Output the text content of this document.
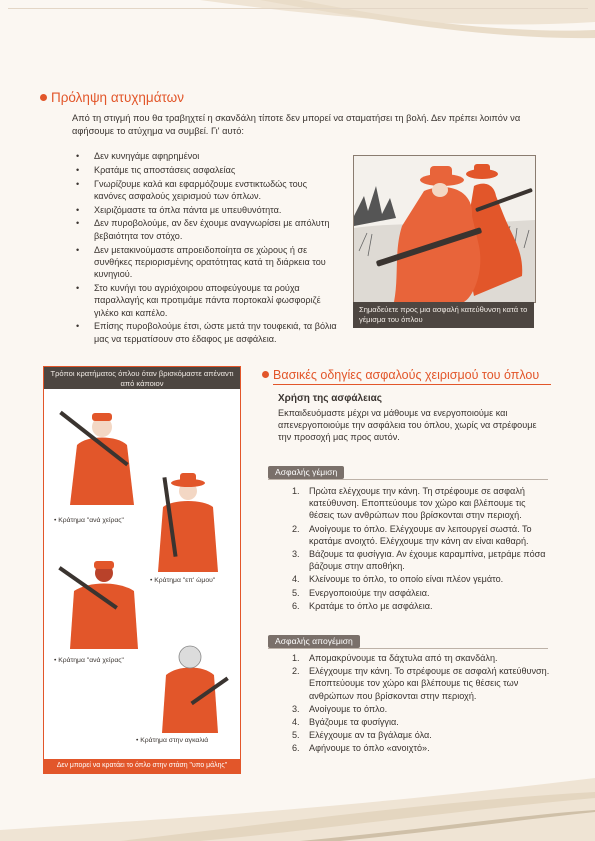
Πρόληψη ατυχημάτων
Από τη στιγμή που θα τραβηχτεί η σκανδάλη τίποτε δεν μπορεί να σταματήσει τη βολή. Δεν πρέπει λοιπόν να αφήσουμε το ατύχημα να συμβεί. Γι' αυτό:
• Δεν κυνηγάμε αφηρημένοι
• Κρατάμε τις αποστάσεις ασφαλείας
• Γνωρίζουμε καλά και εφαρμόζουμε ενστικτωδώς τους κανόνες ασφαλούς χειρισμού των όπλων.
• Χειριζόμαστε τα όπλα πάντα με υπευθυνότητα.
• Δεν πυροβολούμε, αν δεν έχουμε αναγνωρίσει με απόλυτη βεβαιότητα τον στόχο.
• Δεν μετακινούμαστε απροειδοποίητα σε χώρους ή σε συνθήκες περιορισμένης ορατότητας κατά τη διάρκεια του κυνηγιού.
• Στο κυνήγι του αγριόχοιρου αποφεύγουμε τα ρούχα παραλλαγής και προτιμάμε πάντα πορτοκαλί φωσφοριζέ γιλέκο και καπέλο.
• Επίσης πυροβολούμε έτσι, ώστε μετά την τουφεκιά, τα βόλια μας να τερματίσουν στο έδαφος με ασφάλεια.
Σημαδεύετε προς μια ασφαλή κατεύθυνση κατά το γέμισμα του όπλου
Τρόποι κρατήματος όπλου όταν βρισκόμαστε απέναντι από κάποιον
• Κράτημα "ανά χείρας"
• Κράτημα "επ' ώμου"
• Κράτημα "ανά χείρας"
• Κράτημα στην αγκαλιά
Δεν μπορεί να κρατάει το όπλο στην στάση "υπο μάλης"
Βασικές οδηγίες ασφαλούς χειρισμού του όπλου
Χρήση της ασφάλειας
Εκπαιδευόμαστε μέχρι να μάθουμε να ενεργοποιούμε και απενεργοποιούμε την ασφάλεια του όπλου, χωρίς να στρέφουμε την προσοχή μας προς αυτόν.
Ασφαλής γέμιση
1. Πρώτα ελέγχουμε την κάνη. Τη στρέφουμε σε ασφαλή κατεύθυνση. Εποπτεύουμε τον χώρο και βλέπουμε τις θέσεις των ανθρώπων που βρίσκονται στην περιοχή.
2. Ανοίγουμε το όπλο. Ελέγχουμε αν λειτουργεί σωστά. Το κρατάμε ανοιχτό. Ελέγχουμε την κάνη αν είναι καθαρή.
3. Βάζουμε τα φυσίγγια. Αν έχουμε καραμπίνα, μετράμε πόσα βάζουμε στην αποθήκη.
4. Κλείνουμε το όπλο, το οποίο είναι πλέον γεμάτο.
5. Ενεργοποιούμε την ασφάλεια.
6. Κρατάμε το όπλο με ασφάλεια.
Ασφαλής απογέμιση
1. Απομακρύνουμε τα δάχτυλα από τη σκανδάλη.
2. Ελέγχουμε την κάνη. Το στρέφουμε σε ασφαλή κατεύθυνση. Εποπτεύουμε τον χώρο και βλέπουμε τις θέσεις των ανθρώπων που βρίσκονται στην περιοχή.
3. Ανοίγουμε το όπλο.
4. Βγάζουμε τα φυσίγγια.
5. Ελέγχουμε αν τα βγάλαμε όλα.
6. Αφήνουμε το όπλο «ανοιχτό».
